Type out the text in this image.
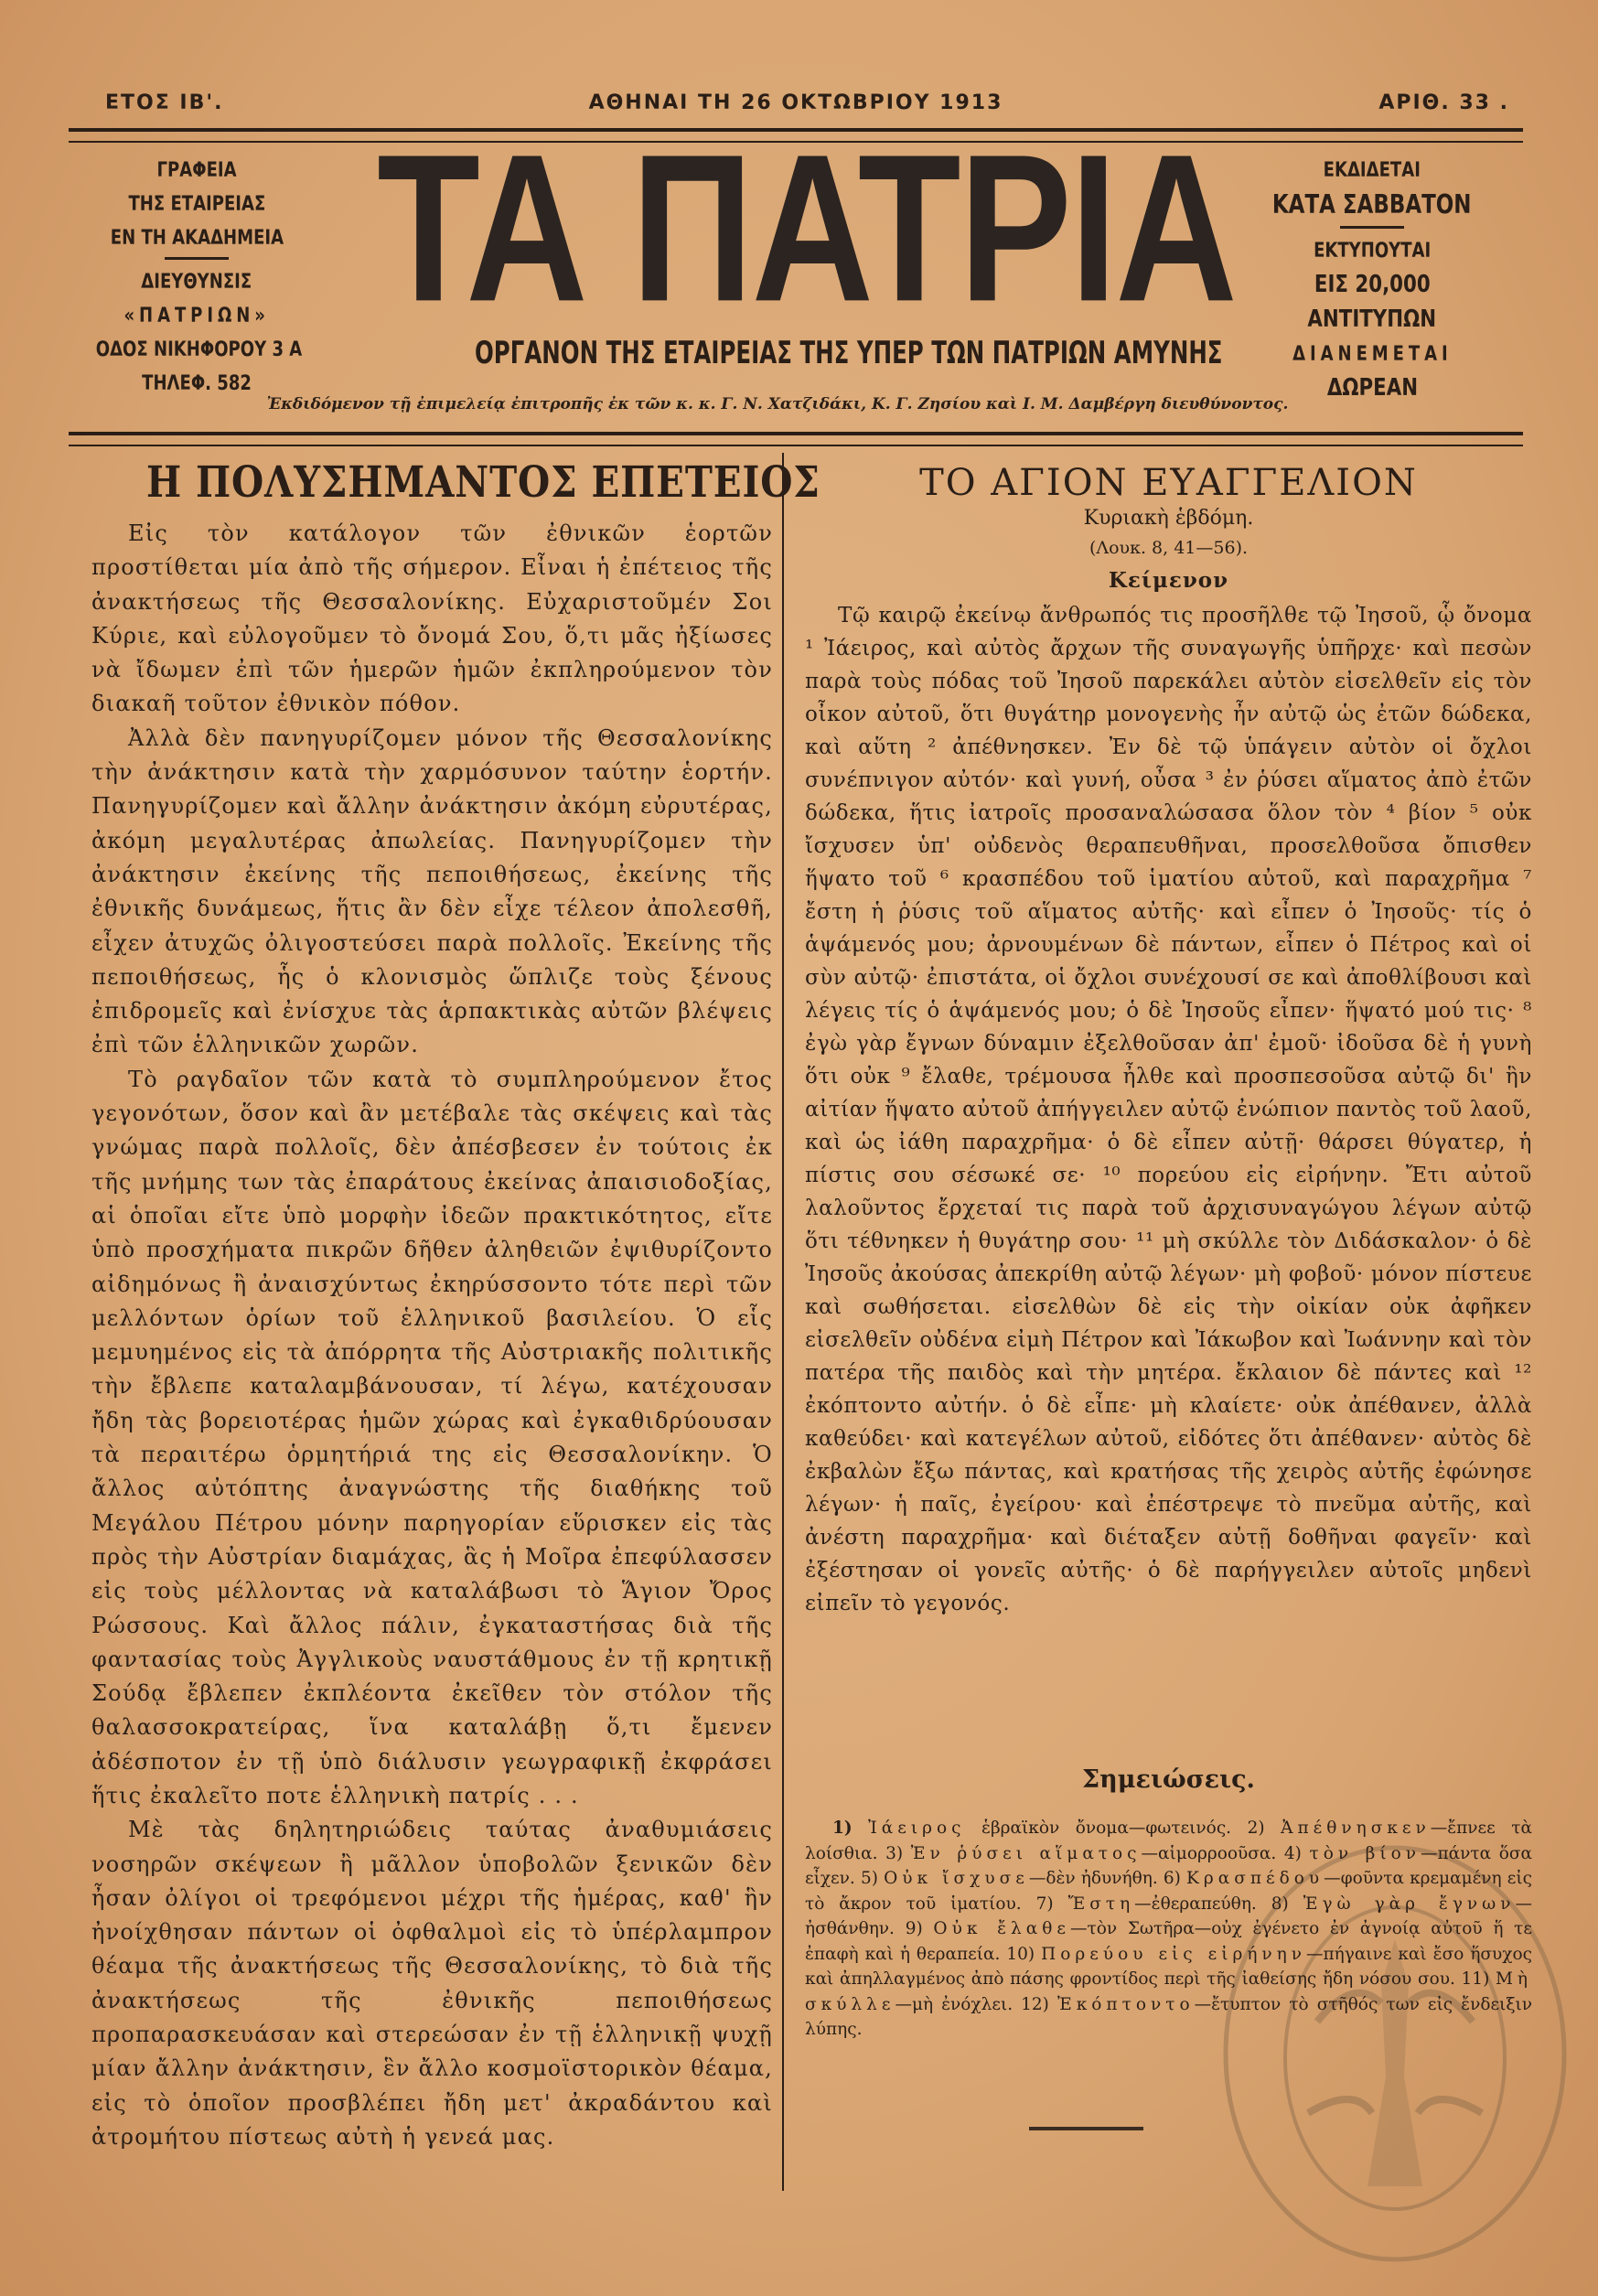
ΕΤΟΣ ΙΒ'.	ΑΘΗΝΑΙ ΤΗ 26 ΟΚΤΩΒΡΙΟΥ 1913	ΑΡΙΘ. 33 .
ΓΡΑΦΕΙΑ
ΤΗΣ ΕΤΑΙΡΕΙΑΣ
ΕΝ ΤΗ ΑΚΑΔΗΜΕΙΑ
ΔΙΕΥΘΥΝΣΙΣ
«ΠΑΤΡΙΩΝ»
ΟΔΟΣ ΝΙΚΗΦΟΡΟΥ 3 Α
ΤΗΛΕΦ. 582
ΤΑ ΠΑΤΡΙΑ
ΟΡΓΑΝΟΝ ΤΗΣ ΕΤΑΙΡΕΙΑΣ ΤΗΣ ΥΠΕΡ ΤΩΝ ΠΑΤΡΙΩΝ ΑΜΥΝΗΣ
Ἐκδιδόμενον τῇ ἐπιμελείᾳ ἐπιτροπῆς ἐκ τῶν κ. κ. Γ. Ν. Χατζιδάκι, Κ. Γ. Ζησίου καὶ Ι. Μ. Δαμβέργη διευθύνοντος.
ΕΚΔΙΔΕΤΑΙ
ΚΑΤΑ ΣΑΒΒΑΤΟΝ
ΕΚΤΥΠΟΥΤΑΙ
ΕΙΣ 20,000
ΑΝΤΙΤΥΠΩΝ
ΔΙΑΝΕΜΕΤΑΙ
ΔΩΡΕΑΝ
Η ΠΟΛΥΣΗΜΑΝΤΟΣ ΕΠΕΤΕΙΟΣ

Εἰς τὸν κατάλογον τῶν ἐθνικῶν ἑορτῶν προστίθεται μία ἀπὸ τῆς σήμερον. Εἶναι ἡ ἐπέτειος τῆς ἀνακτήσεως τῆς Θεσσαλονίκης. Εὐχαριστοῦμέν Σοι Κύριε, καὶ εὐλογοῦμεν τὸ ὄνομά Σου, ὅ,τι μᾶς ἠξίωσες νὰ ἴδωμεν ἐπὶ τῶν ἡμερῶν ἡμῶν ἐκπληρούμενον τὸν διακαῆ τοῦτον ἐθνικὸν πόθον.

Ἀλλὰ δὲν πανηγυρίζομεν μόνον τῆς Θεσσαλονίκης τὴν ἀνάκτησιν κατὰ τὴν χαρμόσυνον ταύτην ἑορτήν. Πανηγυρίζομεν καὶ ἄλλην ἀνάκτησιν ἀκόμη εὐρυτέρας, ἀκόμη μεγαλυτέρας ἀπωλείας. Πανηγυρίζομεν τὴν ἀνάκτησιν ἐκείνης τῆς πεποιθήσεως, ἐκείνης τῆς ἐθνικῆς δυνάμεως, ἥτις ἂν δὲν εἶχε τέλεον ἀπολεσθῆ, εἶχεν ἀτυχῶς ὀλιγοστεύσει παρὰ πολλοῖς. Ἐκείνης τῆς πεποιθήσεως, ἧς ὁ κλονισμὸς ὥπλιζε τοὺς ξένους ἐπιδρομεῖς καὶ ἐνίσχυε τὰς ἁρπακτικὰς αὐτῶν βλέψεις ἐπὶ τῶν ἑλληνικῶν χωρῶν.

Τὸ ραγδαῖον τῶν κατὰ τὸ συμπληρούμενον ἔτος γεγονότων, ὅσον καὶ ἂν μετέβαλε τὰς σκέψεις καὶ τὰς γνώμας παρὰ πολλοῖς, δὲν ἀπέσβεσεν ἐν τούτοις ἐκ τῆς μνήμης των τὰς ἐπαράτους ἐκείνας ἀπαισιοδοξίας, αἱ ὁποῖαι εἴτε ὑπὸ μορφὴν ἰδεῶν πρακτικότητος, εἴτε ὑπὸ προσχήματα πικρῶν δῆθεν ἀληθειῶν ἐψιθυρίζοντο αἰδημόνως ἢ ἀναισχύντως ἐκηρύσσοντο τότε περὶ τῶν μελλόντων ὁρίων τοῦ ἑλληνικοῦ βασιλείου. Ὁ εἷς μεμυημένος εἰς τὰ ἀπόρρητα τῆς Αὐστριακῆς πολιτικῆς τὴν ἔβλεπε καταλαμβάνουσαν, τί λέγω, κατέχουσαν ἤδη τὰς βορειοτέρας ἡμῶν χώρας καὶ ἐγκαθιδρύουσαν τὰ περαιτέρω ὁρμητήριά της εἰς Θεσσαλονίκην. Ὁ ἄλλος αὐτόπτης ἀναγνώστης τῆς διαθήκης τοῦ Μεγάλου Πέτρου μόνην παρηγορίαν εὕρισκεν εἰς τὰς πρὸς τὴν Αὐστρίαν διαμάχας, ἃς ἡ Μοῖρα ἐπεφύλασσεν εἰς τοὺς μέλλοντας νὰ καταλάβωσι τὸ Ἅγιον Ὄρος Ρώσσους. Καὶ ἄλλος πάλιν, ἐγκαταστήσας διὰ τῆς φαντασίας τοὺς Ἀγγλικοὺς ναυστάθμους ἐν τῇ κρητικῇ Σούδᾳ ἔβλεπεν ἐκπλέοντα ἐκεῖθεν τὸν στόλον τῆς θαλασσοκρατείρας, ἵνα καταλάβῃ ὅ,τι ἔμενεν ἀδέσποτον ἐν τῇ ὑπὸ διάλυσιν γεωγραφικῇ ἐκφράσει ἥτις ἐκαλεῖτο ποτε ἑλληνικὴ πατρίς . . .

Μὲ τὰς δηλητηριώδεις ταύτας ἀναθυμιάσεις νοσηρῶν σκέψεων ἢ μᾶλλον ὑποβολῶν ξενικῶν δὲν ἦσαν ὀλίγοι οἱ τρεφόμενοι μέχρι τῆς ἡμέρας, καθ' ἣν ἠνοίχθησαν πάντων οἱ ὀφθαλμοὶ εἰς τὸ ὑπέρλαμπρον θέαμα τῆς ἀνακτήσεως τῆς Θεσσαλονίκης, τὸ διὰ τῆς ἀνακτήσεως τῆς ἐθνικῆς πεποιθήσεως προπαρασκευάσαν καὶ στερεώσαν ἐν τῇ ἑλληνικῇ ψυχῇ μίαν ἄλλην ἀνάκτησιν, ἓν ἄλλο κοσμοϊστορικὸν θέαμα, εἰς τὸ ὁποῖον προσβλέπει ἤδη μετ' ἀκραδάντου καὶ ἀτρομήτου πίστεως αὐτὴ ἡ γενεά μας.

ΤΟ ΑΓΙΟΝ ΕΥΑΓΓΕΛΙΟΝ
Κυριακὴ ἑβδόμη.
(Λουκ. 8, 41—56).
Κείμενον

Τῷ καιρῷ ἐκείνῳ ἄνθρωπός τις προσῆλθε τῷ Ἰησοῦ, ᾧ ὄνομα ¹ Ἰάειρος, καὶ αὐτὸς ἄρχων τῆς συναγωγῆς ὑπῆρχε· καὶ πεσὼν παρὰ τοὺς πόδας τοῦ Ἰησοῦ παρεκάλει αὐτὸν εἰσελθεῖν εἰς τὸν οἶκον αὐτοῦ, ὅτι θυγάτηρ μονογενὴς ἦν αὐτῷ ὡς ἐτῶν δώδεκα, καὶ αὕτη ² ἀπέθνησκεν. Ἐν δὲ τῷ ὑπάγειν αὐτὸν οἱ ὄχλοι συνέπνιγον αὐτόν· καὶ γυνή, οὖσα ³ ἐν ῥύσει αἵματος ἀπὸ ἐτῶν δώδεκα, ἥτις ἰατροῖς προσαναλώσασα ὅλον τὸν ⁴ βίον ⁵ οὐκ ἴσχυσεν ὑπ' οὐδενὸς θεραπευθῆναι, προσελθοῦσα ὄπισθεν ἥψατο τοῦ ⁶ κρασπέδου τοῦ ἱματίου αὐτοῦ, καὶ παραχρῆμα ⁷ ἔστη ἡ ῥύσις τοῦ αἵματος αὐτῆς· καὶ εἶπεν ὁ Ἰησοῦς· τίς ὁ ἁψάμενός μου; ἀρνουμένων δὲ πάντων, εἶπεν ὁ Πέτρος καὶ οἱ σὺν αὐτῷ· ἐπιστάτα, οἱ ὄχλοι συνέχουσί σε καὶ ἀποθλίβουσι καὶ λέγεις τίς ὁ ἁψάμενός μου; ὁ δὲ Ἰησοῦς εἶπεν· ἥψατό μού τις· ⁸ ἐγὼ γὰρ ἔγνων δύναμιν ἐξελθοῦσαν ἀπ' ἐμοῦ· ἰδοῦσα δὲ ἡ γυνὴ ὅτι οὐκ ⁹ ἔλαθε, τρέμουσα ἦλθε καὶ προσπεσοῦσα αὐτῷ δι' ἣν αἰτίαν ἥψατο αὐτοῦ ἀπήγγειλεν αὐτῷ ἐνώπιον παντὸς τοῦ λαοῦ, καὶ ὡς ἰάθη παραχρῆμα· ὁ δὲ εἶπεν αὐτῇ· θάρσει θύγατερ, ἡ πίστις σου σέσωκέ σε· ¹⁰ πορεύου εἰς εἰρήνην. Ἔτι αὐτοῦ λαλοῦντος ἔρχεταί τις παρὰ τοῦ ἀρχισυναγώγου λέγων αὐτῷ ὅτι τέθνηκεν ἡ θυγάτηρ σου· ¹¹ μὴ σκύλλε τὸν Διδάσκαλον· ὁ δὲ Ἰησοῦς ἀκούσας ἀπεκρίθη αὐτῷ λέγων· μὴ φοβοῦ· μόνον πίστευε καὶ σωθήσεται. εἰσελθὼν δὲ εἰς τὴν οἰκίαν οὐκ ἀφῆκεν εἰσελθεῖν οὐδένα εἰμὴ Πέτρον καὶ Ἰάκωβον καὶ Ἰωάννην καὶ τὸν πατέρα τῆς παιδὸς καὶ τὴν μητέρα. ἔκλαιον δὲ πάντες καὶ ¹² ἐκόπτοντο αὐτήν. ὁ δὲ εἶπε· μὴ κλαίετε· οὐκ ἀπέθανεν, ἀλλὰ καθεύδει· καὶ κατεγέλων αὐτοῦ, εἰδότες ὅτι ἀπέθανεν· αὐτὸς δὲ ἐκβαλὼν ἔξω πάντας, καὶ κρατήσας τῆς χειρὸς αὐτῆς ἐφώνησε λέγων· ἡ παῖς, ἐγείρου· καὶ ἐπέστρεψε τὸ πνεῦμα αὐτῆς, καὶ ἀνέστη παραχρῆμα· καὶ διέταξεν αὐτῇ δοθῆναι φαγεῖν· καὶ ἐξέστησαν οἱ γονεῖς αὐτῆς· ὁ δὲ παρήγγειλεν αὐτοῖς μηδενὶ εἰπεῖν τὸ γεγονός.

Σημειώσεις.
1) Ἰάειρος ἑβραϊκὸν ὄνομα—φωτεινός. 2) Ἀπέθνησκεν—ἔπνεε τὰ λοίσθια. 3) Ἐν ῥύσει αἵματος—αἱμορροοῦσα. 4) τὸν βίον—πάντα ὅσα εἶχεν. 5) Οὐκ ἴσχυσε—δὲν ἠδυνήθη. 6) Κρασπέδου—φοῦντα κρεμαμένη εἰς τὸ ἄκρον τοῦ ἱματίου. 7) Ἔστη—ἐθεραπεύθη. 8) Ἐγὼ γὰρ ἔγνων—ἠσθάνθην. 9) Οὐκ ἔλαθε—τὸν Σωτῆρα—οὐχ ἐγένετο ἐν ἀγνοίᾳ αὐτοῦ ἥ τε ἐπαφὴ καὶ ἡ θεραπεία. 10) Πορεύου εἰς εἰρήνην—πήγαινε καὶ ἔσο ἥσυχος καὶ ἀπηλλαγμένος ἀπὸ πάσης φροντίδος περὶ τῆς ἰαθείσης ἤδη νόσου σου. 11) Μὴ σκύλλε—μὴ ἐνόχλει. 12) Ἐκόπτοντο—ἔτυπτον τὸ στῆθός των εἰς ἔνδειξιν λύπης.
